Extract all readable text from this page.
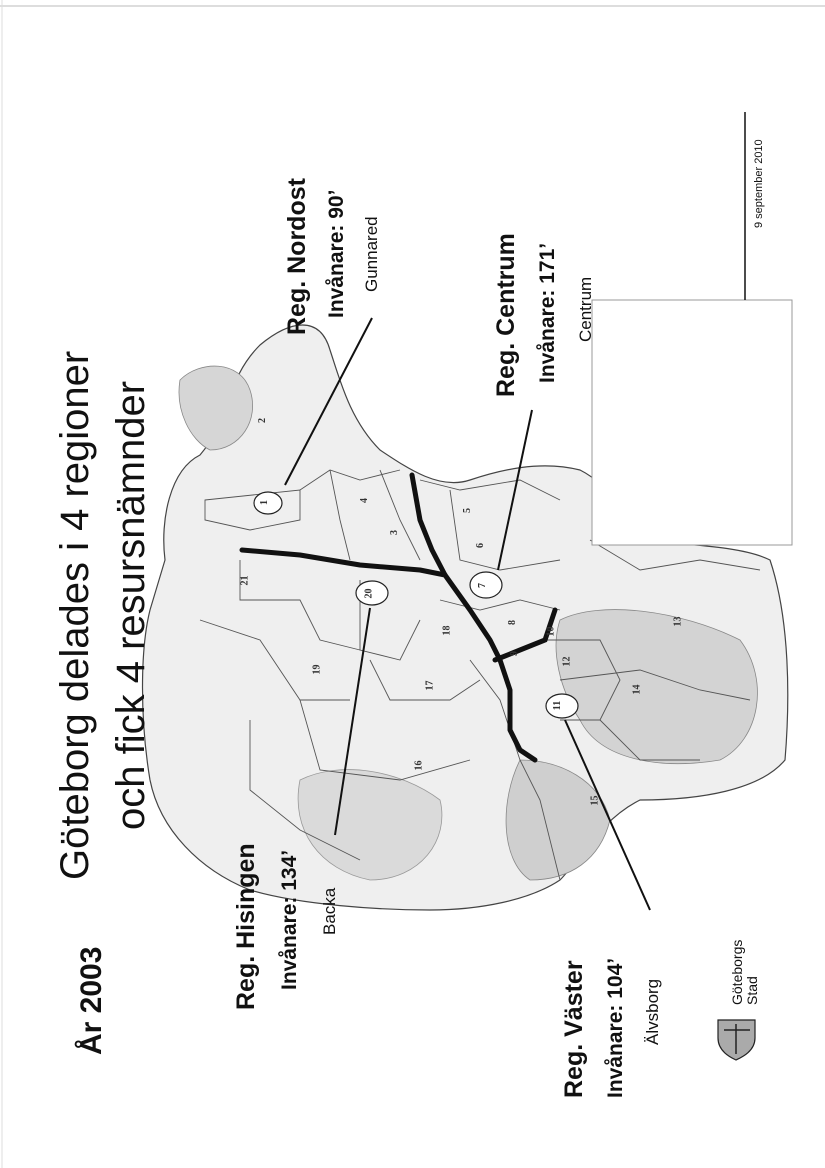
1
2
3
4
5
6
7
8
9
10
11
12
13
14
15
16
17
18
19
20
21
Göteborg delades i 4 regioner och fick 4 resursnämnder
År 2003
Reg. Nordost Invånare: 90’ Gunnared	Reg. Centrum Invånare: 171’ Centrum
Reg. Hisingen Invånare: 134’ Backa
Reg. Väster Invånare: 104’ Älvsborg
9 september 2010
Göteborgs Stad
